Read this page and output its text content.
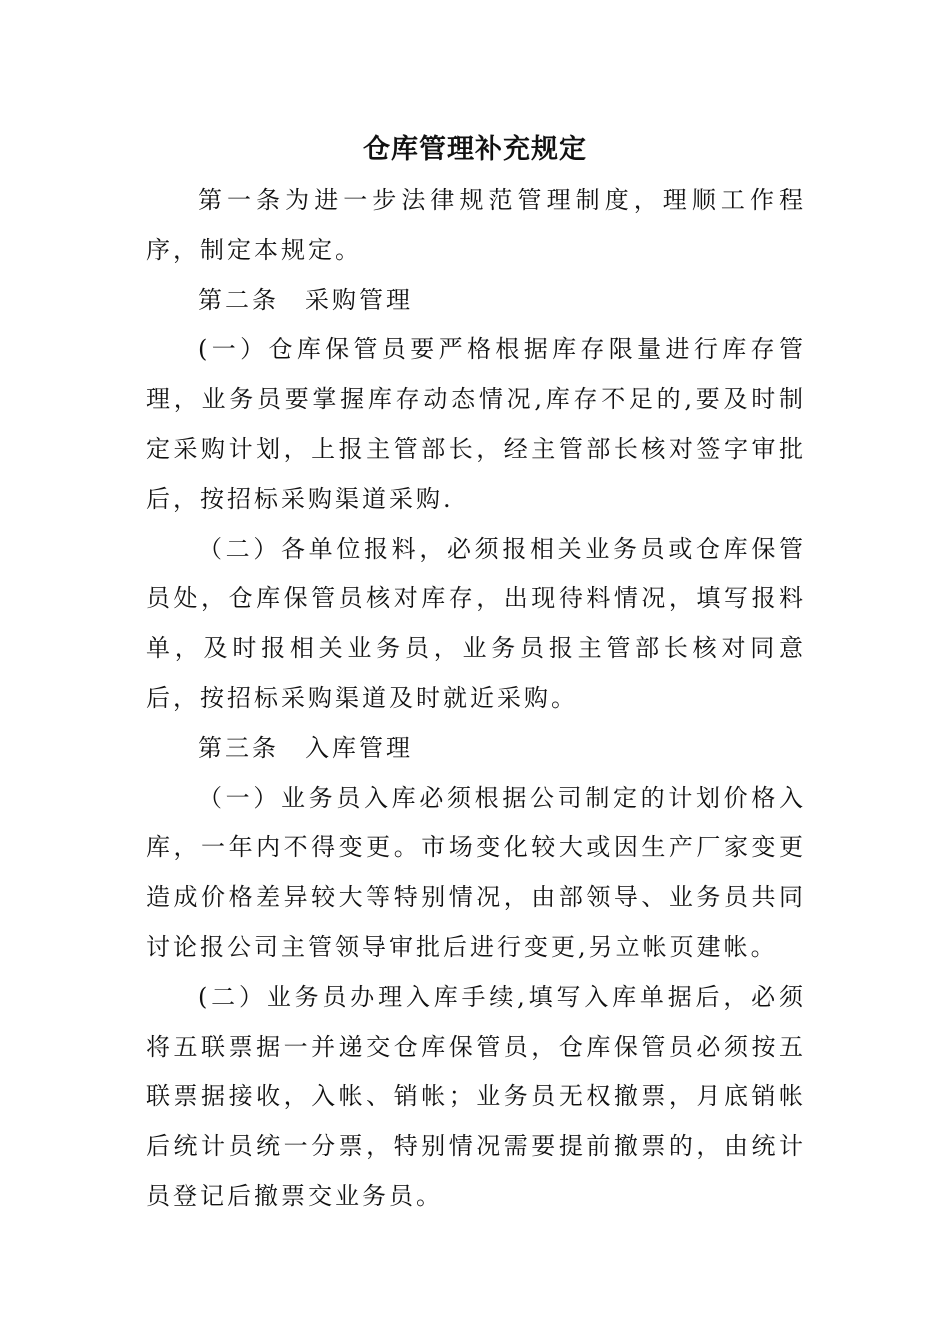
仓库管理补充规定

第一条为进一步法律规范管理制度，理顺工作程序，制定本规定。

第二条 采购管理

(一）仓库保管员要严格根据库存限量进行库存管理，业务员要掌握库存动态情况,库存不足的,要及时制定采购计划，上报主管部长，经主管部长核对签字审批后，按招标采购渠道采购.

（二）各单位报料，必须报相关业务员或仓库保管员处，仓库保管员核对库存，出现待料情况，填写报料单，及时报相关业务员，业务员报主管部长核对同意后，按招标采购渠道及时就近采购。

第三条 入库管理

（一）业务员入库必须根据公司制定的计划价格入库，一年内不得变更。市场变化较大或因生产厂家变更造成价格差异较大等特别情况，由部领导、业务员共同讨论报公司主管领导审批后进行变更,另立帐页建帐。

(二）业务员办理入库手续,填写入库单据后，必须将五联票据一并递交仓库保管员，仓库保管员必须按五联票据接收，入帐、销帐；业务员无权撤票，月底销帐后统计员统一分票，特别情况需要提前撤票的，由统计员登记后撤票交业务员。
